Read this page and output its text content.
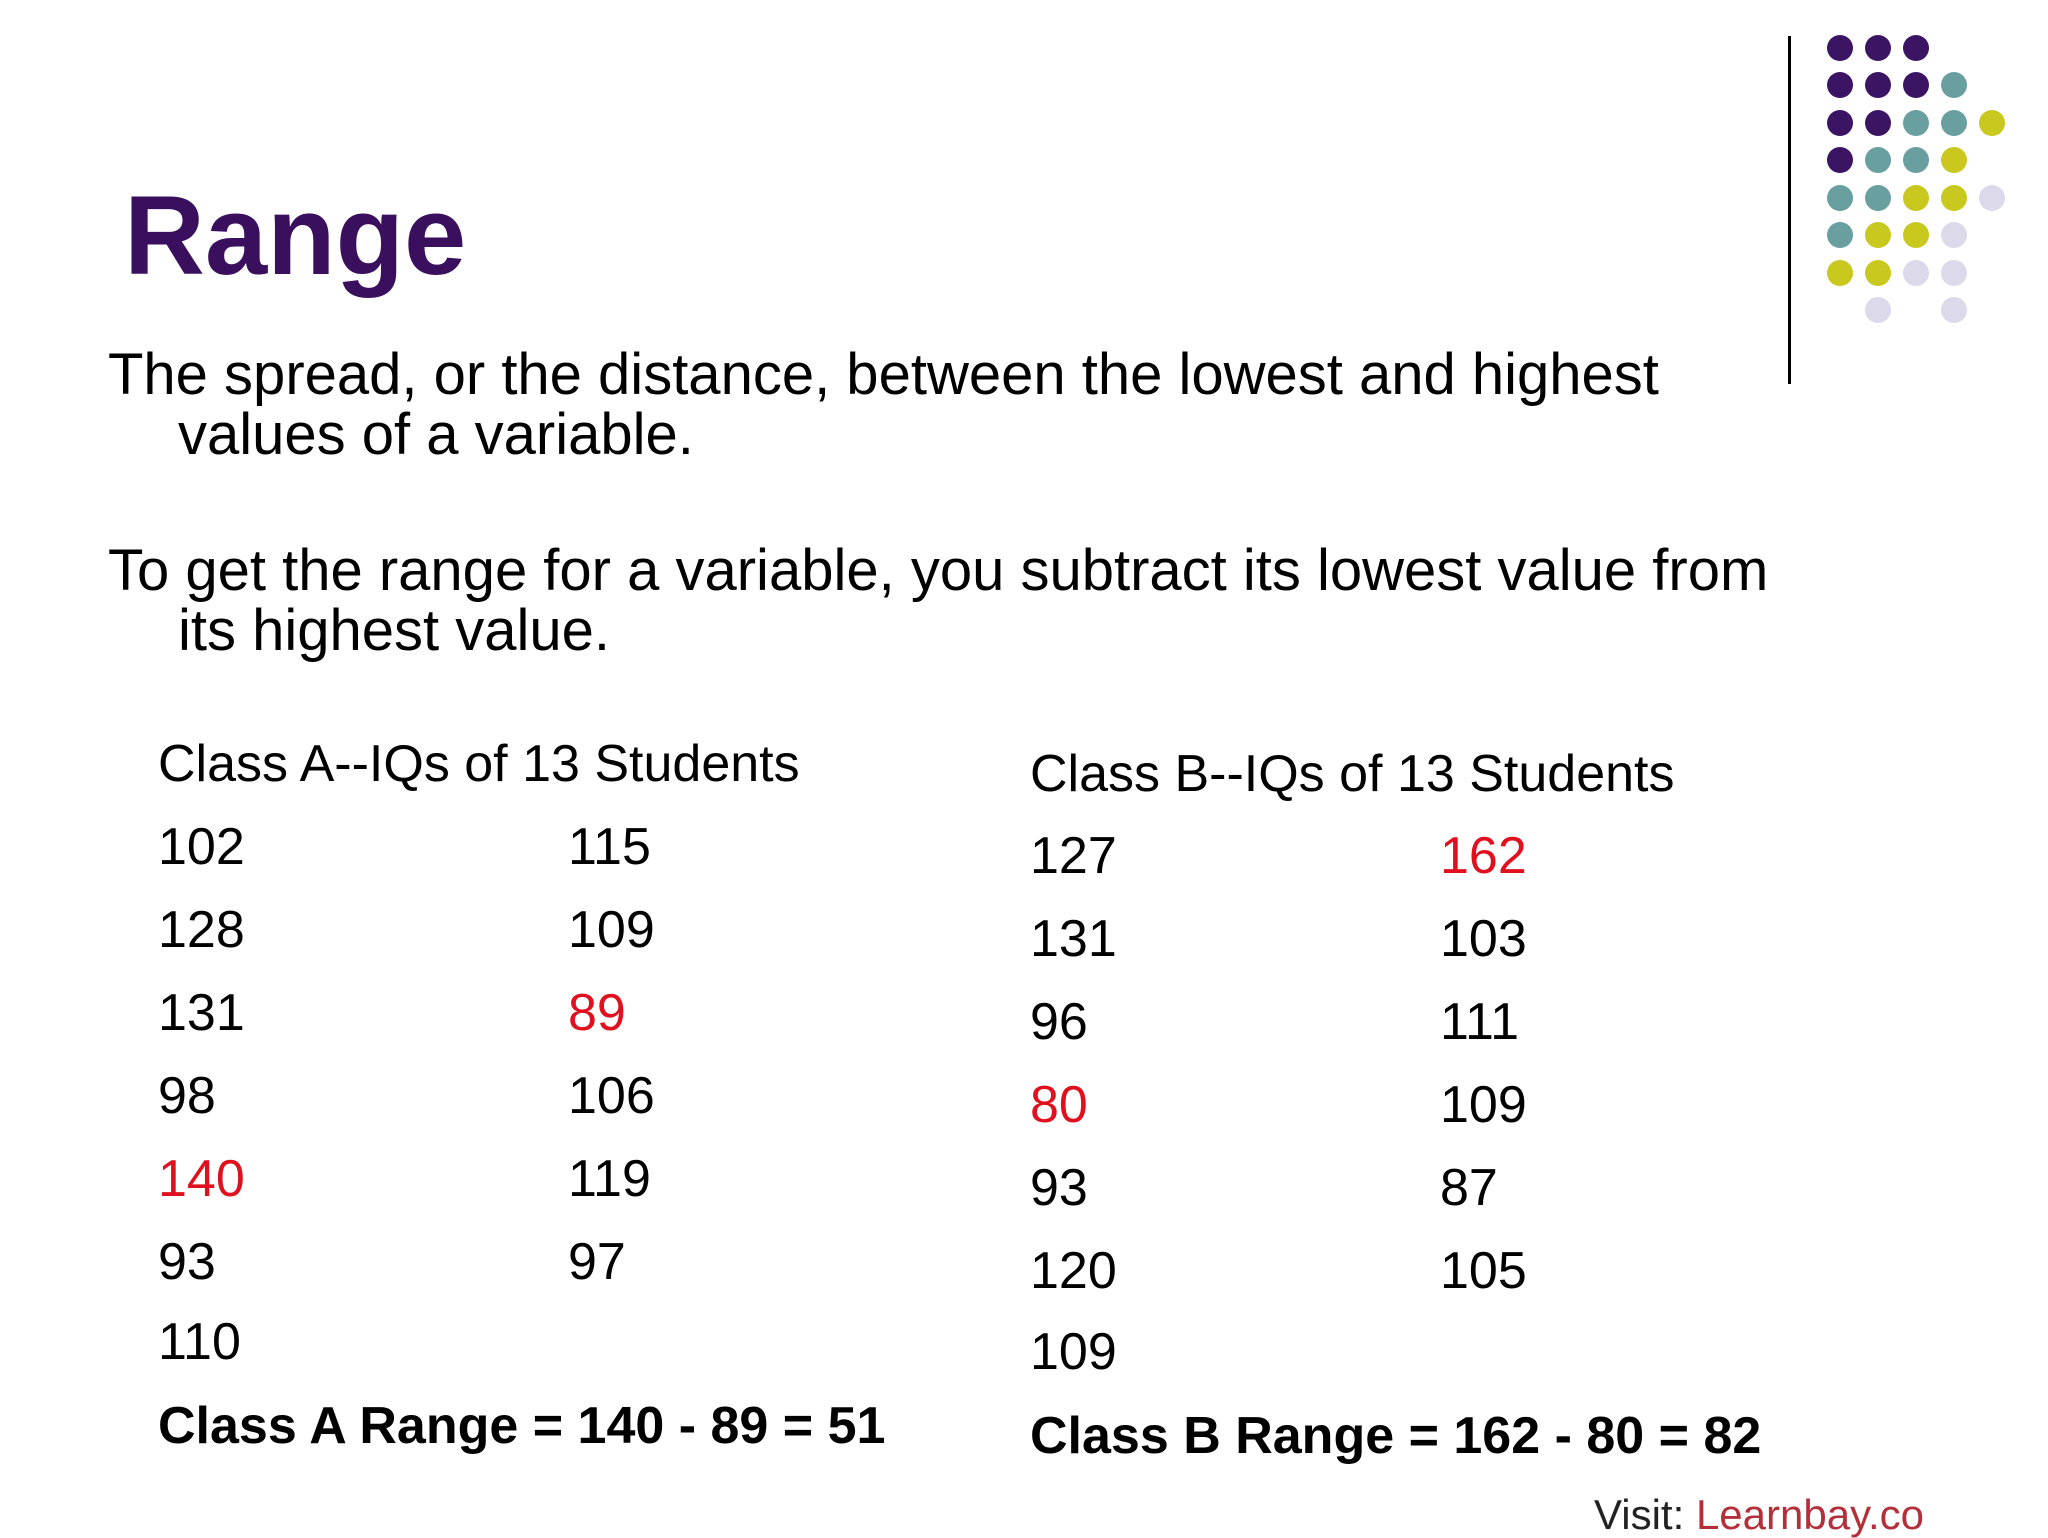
Range
The spread, or the distance, between the lowest and highest
values of a variable.
To get the range for a variable, you subtract its lowest value from
its highest value.
Class A--IQs of 13 Students
102
128
131
98
140
93
110
115
109
89
106
119
97
Class A Range = 140 - 89 = 51
Class B--IQs of 13 Students
127
131
96
80
93
120
109
162
103
111
109
87
105
Class B Range = 162 - 80 = 82
Visit: Learnbay.co
